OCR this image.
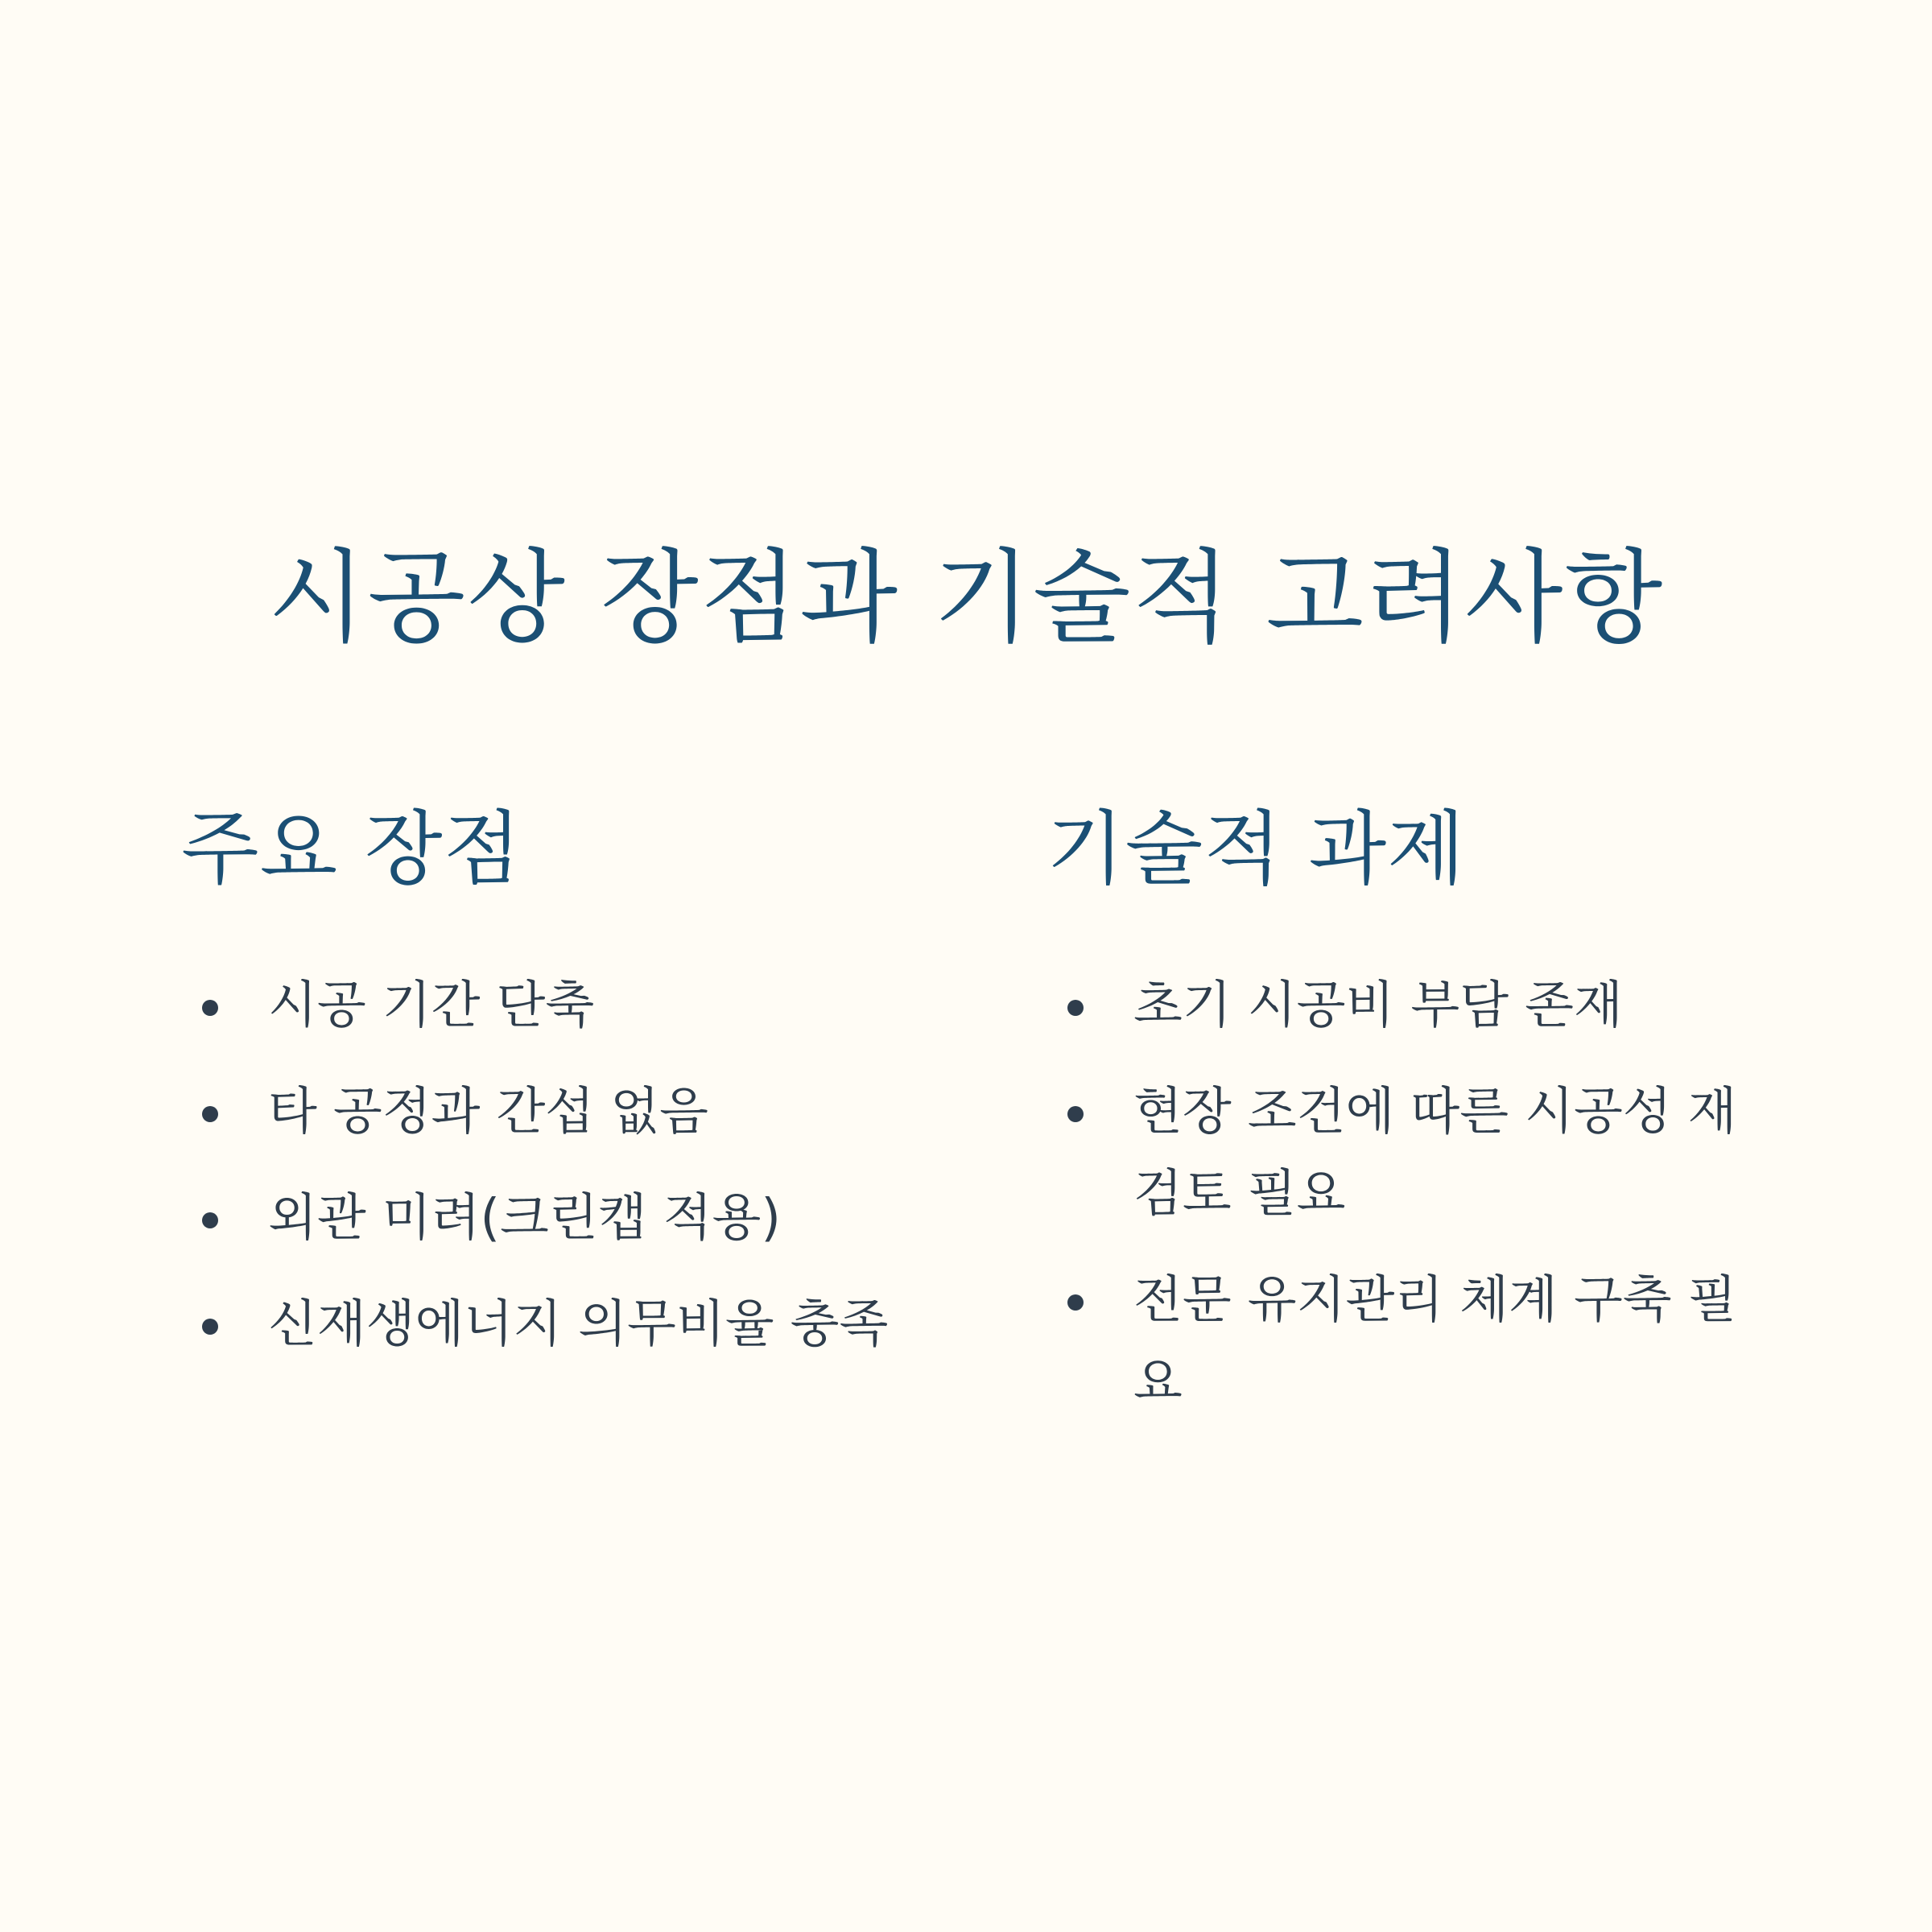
시공상 장점과 기술적 고려사항
주요 장점
시공 기간 단축
타 공정과 간섭 없음
외관 미려(크린캡 적용)
신재생에너지 의무비율 충족
기술적 과제
초기 시공비 부담 존재
현장 조건에 따른 시공성 재검토 필요
전문 유지관리 체계 구축 필요
